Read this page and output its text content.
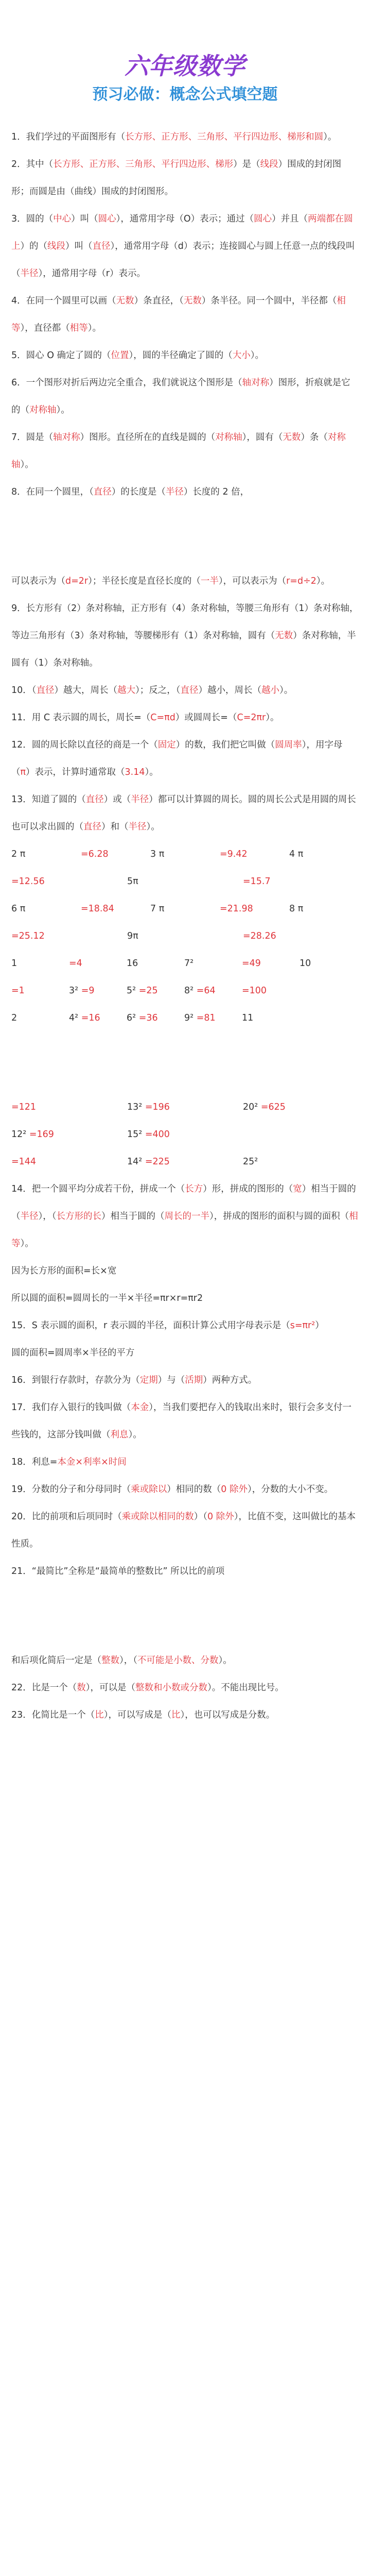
六年级数学
预习必做：概念公式填空题

1．我们学过的平面图形有（长方形、正方形、三角形、平行四边形、梯形和圆）。

2．其中（长方形、正方形、三角形、平行四边形、梯形）是（线段）围成的封闭图形；而圆是由（曲线）围成的封闭图形。

3．圆的（中心）叫（圆心），通常用字母（O）表示；通过（圆心）并且（两端都在圆上）的（线段）叫（直径），通常用字母（d）表示；连接圆心与圆上任意一点的线段叫（半径），通常用字母（r）表示。

4．在同一个圆里可以画（无数）条直径，（无数）条半径。同一个圆中，半径都（相等），直径都（相等）。

5．圆心 O 确定了圆的（位置），圆的半径确定了圆的（大小）。

6．一个图形对折后两边完全重合，我们就说这个图形是（轴对称）图形，折痕就是它的（对称轴）。

7．圆是（轴对称）图形。直径所在的直线是圆的（对称轴），圆有（无数）条（对称轴）。

8．在同一个圆里，（直径）的长度是（半径）长度的 2 倍，

可以表示为（d=2r）；半径长度是直径长度的（一半），可以表示为（r=d÷2）。

9．长方形有（2）条对称轴，正方形有（4）条对称轴，等腰三角形有（1）条对称轴，等边三角形有（3）条对称轴，等腰梯形有（1）条对称轴，圆有（无数）条对称轴，半圆有（1）条对称轴。

10．（直径）越大，周长（越大）；反之，（直径）越小，周长（越小）。

11．用 C 表示圆的周长，周长=（C=πd）或圆周长=（C=2πr）。

12．圆的周长除以直径的商是一个（固定）的数，我们把它叫做（圆周率），用字母（π）表示，计算时通常取（3.14）。

13．知道了圆的（直径）或（半径）都可以计算圆的周长。圆的周长公式是用圆的周长也可以求出圆的（直径）和（半径）。

2 π	=6.28	3 π	=9.42	4 π
=12.56	5π	=15.7
6 π	=18.84	7 π	=21.98	8 π
=25.12	9π	=28.26
1	=4	16	7²	=49	10
=1	3² =9	5² =25	8² =64	=100
2	4² =16	6² =36	9² =81	11
=121	13² =196	20² =625
12² =169	15² =400
=144	14² =225	25²

14．把一个圆平均分成若干份，拼成一个（长方）形，拼成的图形的（宽）相当于圆的（半径），（长方形的长）相当于圆的（周长的一半），拼成的图形的面积与圆的面积（相等）。

因为长方形的面积=长×宽

所以圆的面积=圆周长的一半×半径=πr×r=πr2

15．S 表示圆的面积，r 表示圆的半径，面积计算公式用字母表示是（s=πr²）

圆的面积=圆周率×半径的平方

16．到银行存款时，存款分为（定期）与（活期）两种方式。

17．我们存入银行的钱叫做（本金），当我们要把存入的钱取出来时，银行会多支付一些钱的，这部分钱叫做（利息）。

18．利息=本金×利率×时间

19．分数的分子和分母同时（乘或除以）相同的数（0 除外），分数的大小不变。

20．比的前项和后项同时（乘或除以相同的数）（0 除外），比值不变，这叫做比的基本性质。

21．“最简比”全称是“最简单的整数比” 所以比的前项

和后项化简后一定是（整数），（不可能是小数、分数）。

22．比是一个（数），可以是（整数和小数或分数）。不能出现比号。

23．化简比是一个（比），可以写成是（比），也可以写成是分数。
